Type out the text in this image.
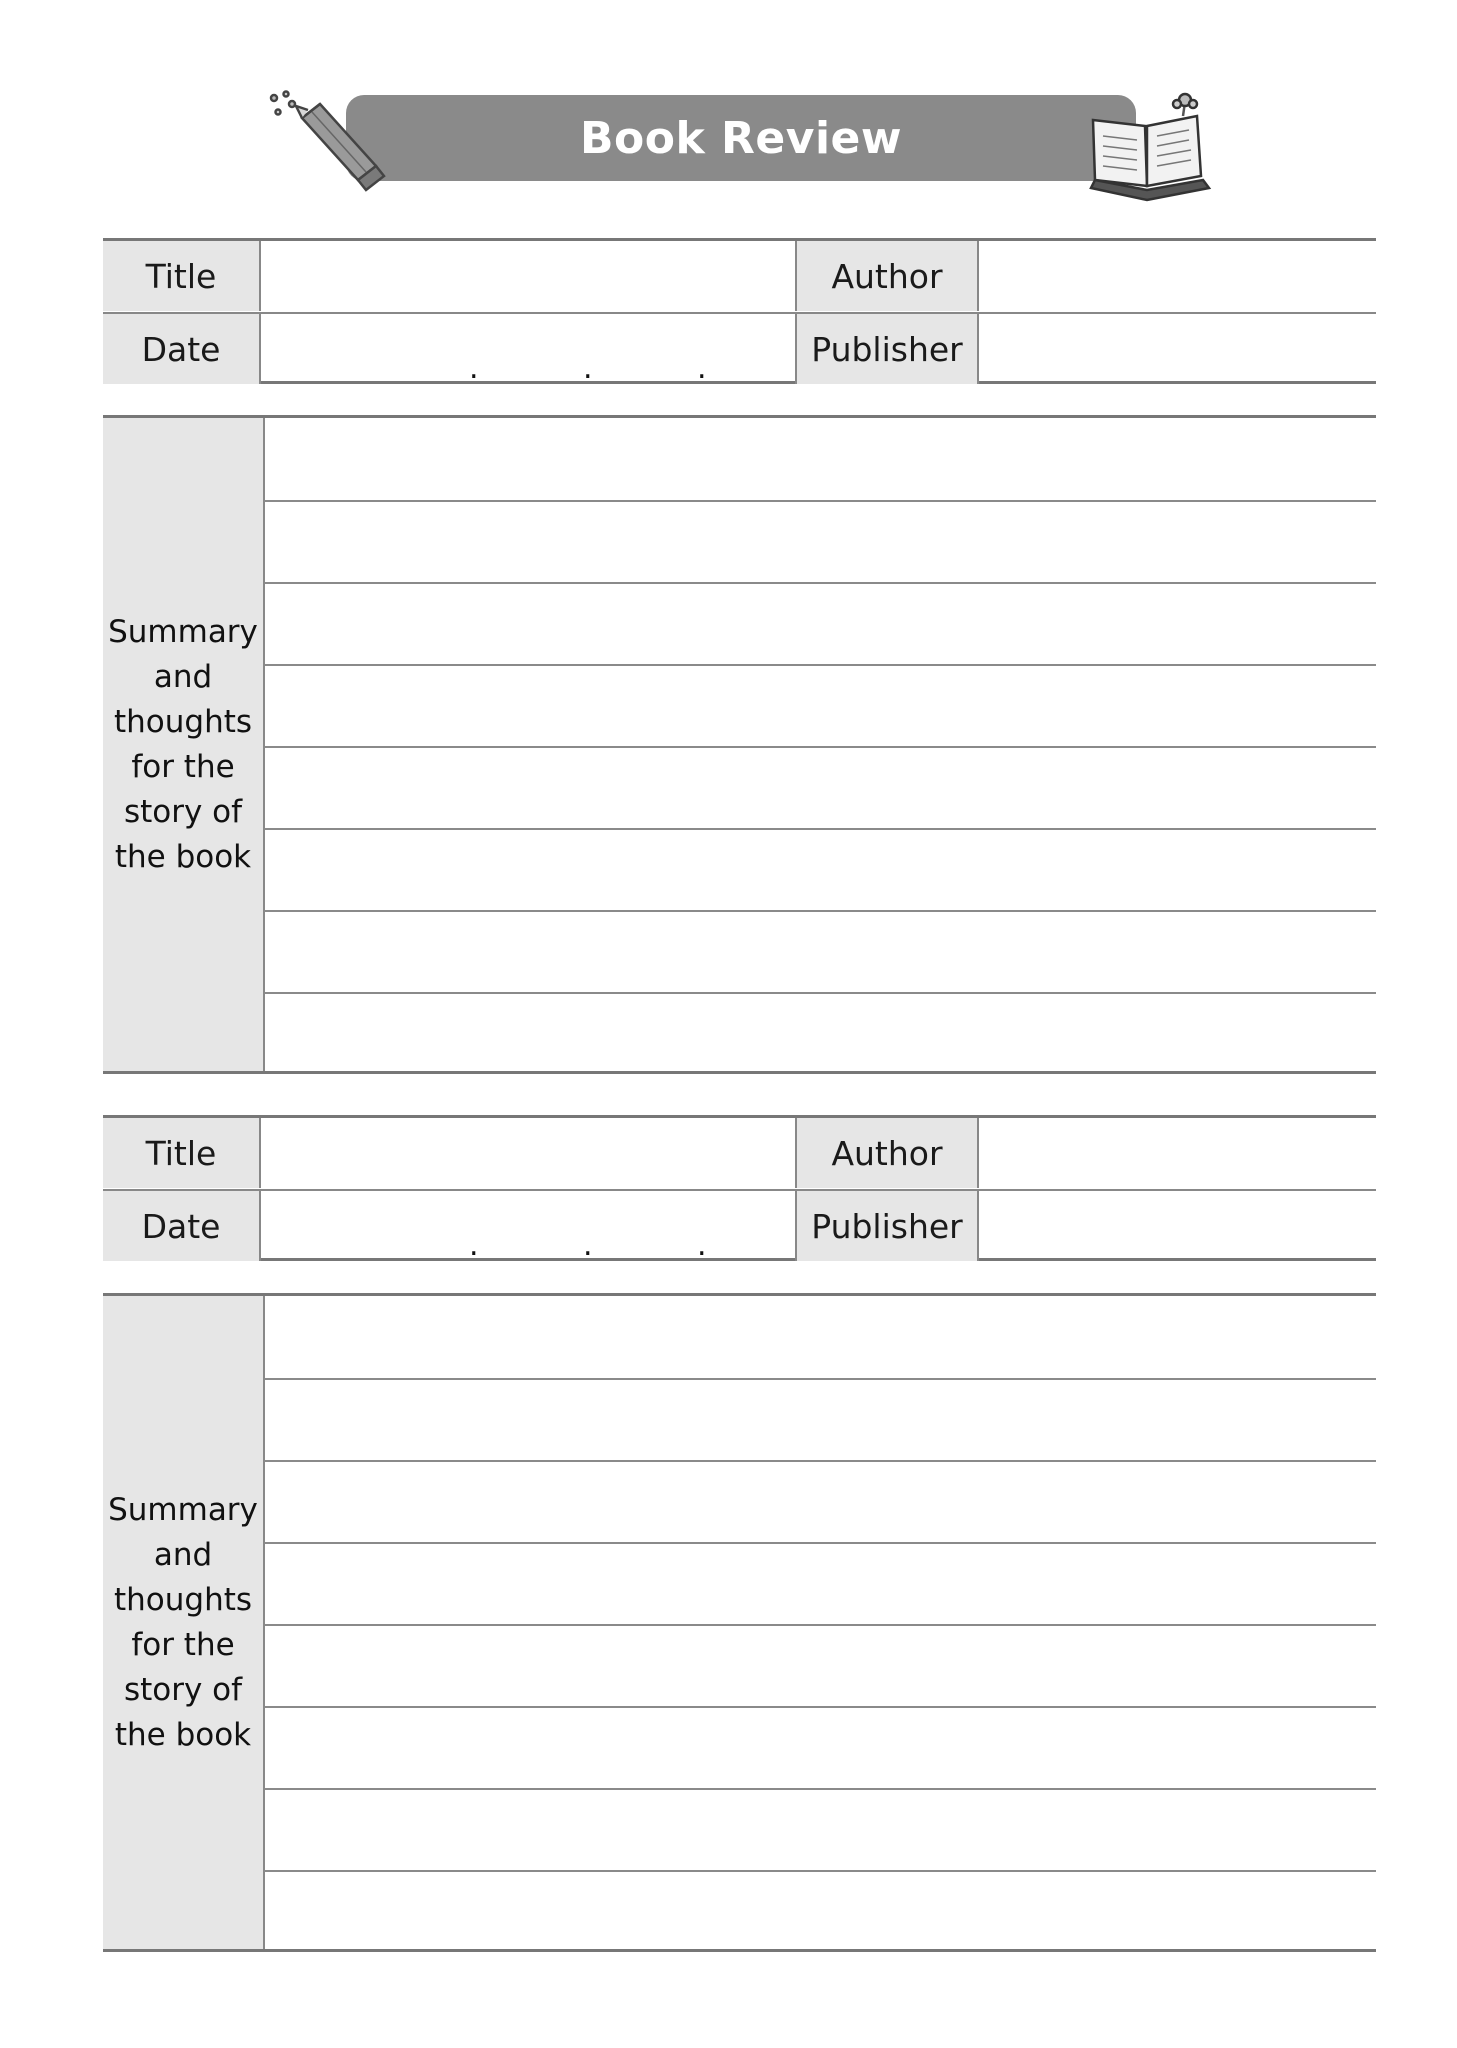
Book Review
Title	Author
Date	.	.	.	Publisher
Summary
and
thoughts
for the
story of
the book
Title	Author
Date	.	.	.	Publisher
Summary
and
thoughts
for the
story of
the book
